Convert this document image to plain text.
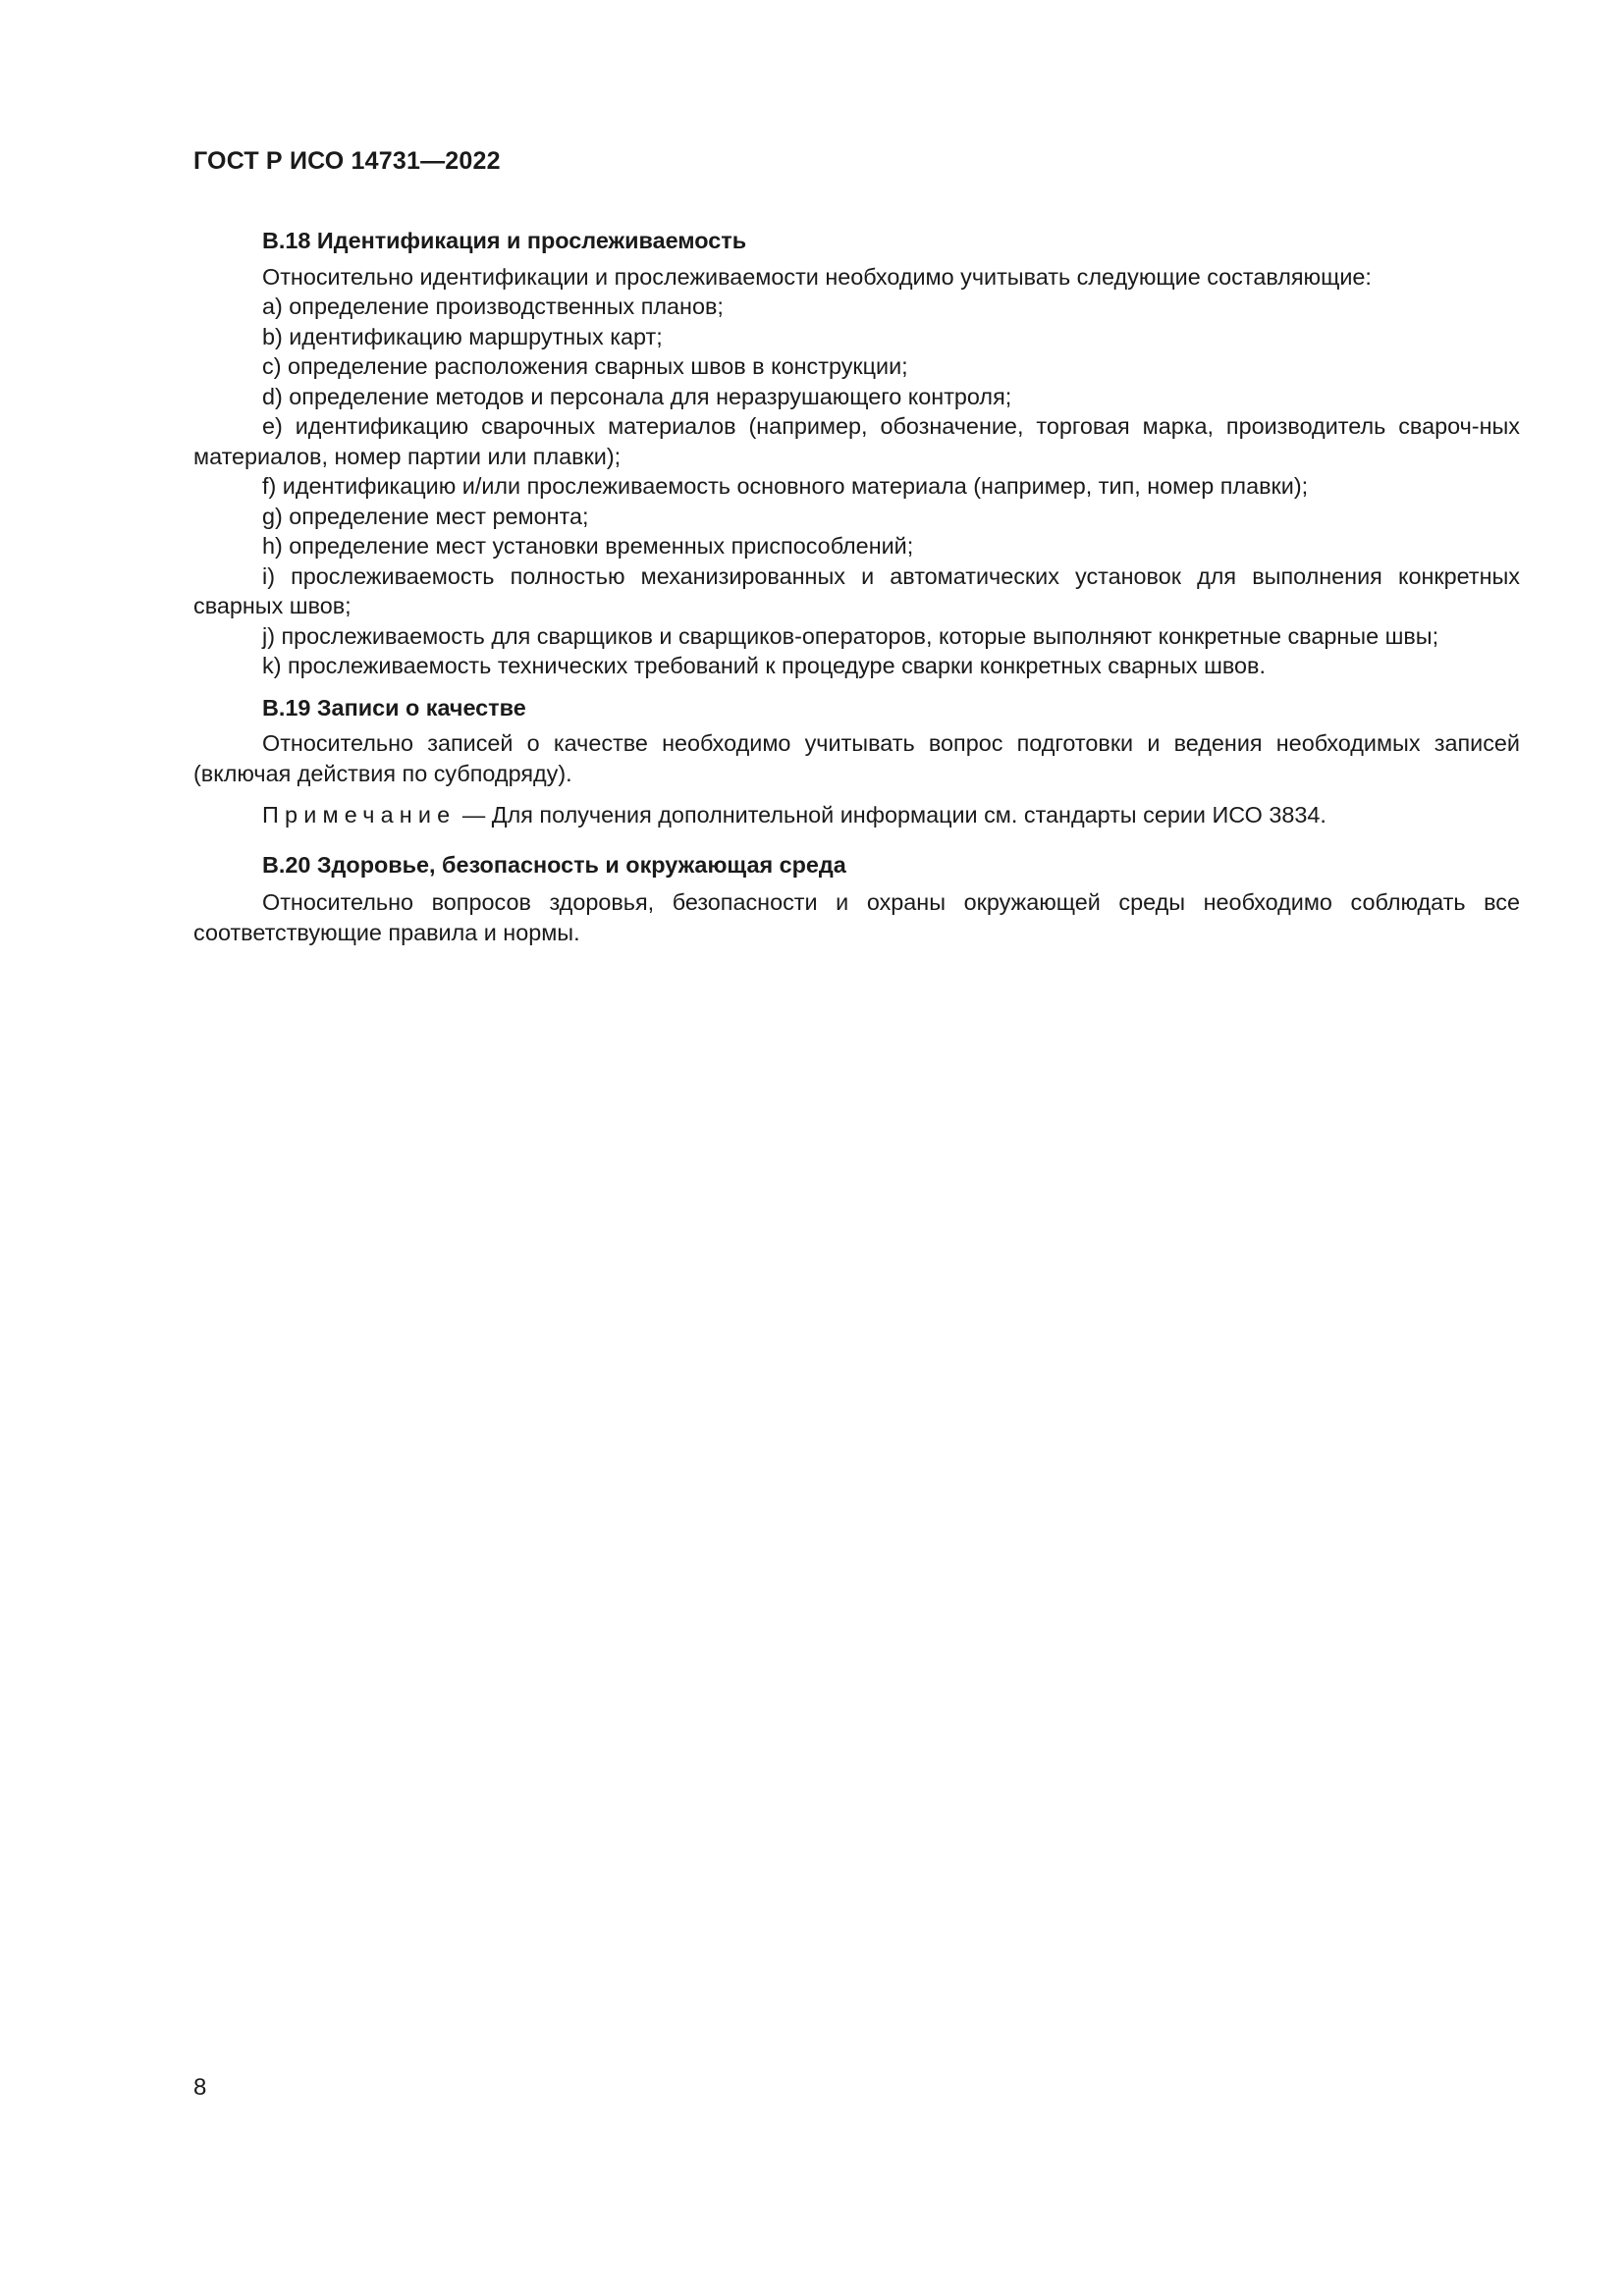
ГОСТ Р ИСО 14731—2022

B.18 Идентификация и прослеживаемость

Относительно идентификации и прослеживаемости необходимо учитывать следующие составляющие:

a) определение производственных планов;

b) идентификацию маршрутных карт;

c) определение расположения сварных швов в конструкции;

d) определение методов и персонала для неразрушающего контроля;

e) идентификацию сварочных материалов (например, обозначение, торговая марка, производитель свароч-ных материалов, номер партии или плавки);

f) идентификацию и/или прослеживаемость основного материала (например, тип, номер плавки);

g) определение мест ремонта;

h) определение мест установки временных приспособлений;

i) прослеживаемость полностью механизированных и автоматических установок для выполнения конкретных сварных швов;

j) прослеживаемость для сварщиков и сварщиков-операторов, которые выполняют конкретные сварные швы;

k) прослеживаемость технических требований к процедуре сварки конкретных сварных швов.

B.19 Записи о качестве

Относительно записей о качестве необходимо учитывать вопрос подготовки и ведения необходимых записей (включая действия по субподряду).

Примечание — Для получения дополнительной информации см. стандарты серии ИСО 3834.

B.20 Здоровье, безопасность и окружающая среда

Относительно вопросов здоровья, безопасности и охраны окружающей среды необходимо соблюдать все соответствующие правила и нормы.

8
